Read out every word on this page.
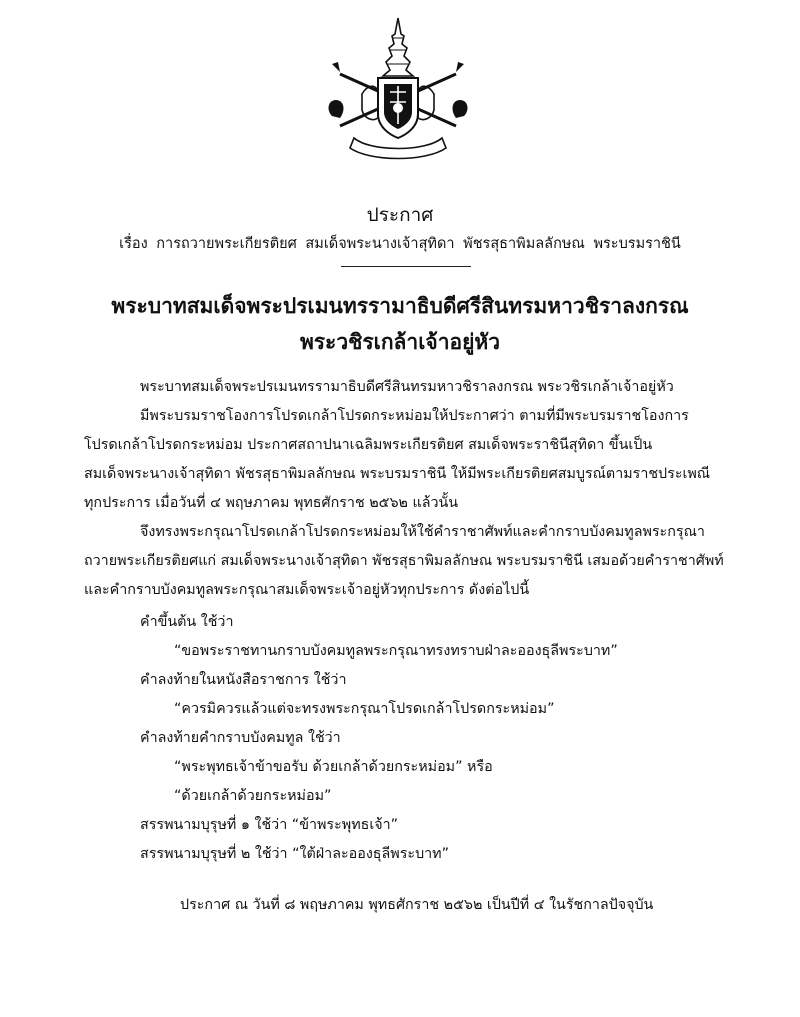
ประกาศ
เรื่อง การถวายพระเกียรติยศ สมเด็จพระนางเจ้าสุทิดา พัชรสุธาพิมลลักษณ พระบรมราชินี
พระบาทสมเด็จพระปรเมนทรรามาธิบดีศรีสินทรมหาวชิราลงกรณ
พระวชิรเกล้าเจ้าอยู่หัว
พระบาทสมเด็จพระปรเมนทรรามาธิบดีศรีสินทรมหาวชิราลงกรณ พระวชิรเกล้าเจ้าอยู่หัว
มีพระบรมราชโองการโปรดเกล้าโปรดกระหม่อมให้ประกาศว่า ตามที่มีพระบรมราชโองการ
โปรดเกล้าโปรดกระหม่อม ประกาศสถาปนาเฉลิมพระเกียรติยศ สมเด็จพระราชินีสุทิดา ขึ้นเป็น
สมเด็จพระนางเจ้าสุทิดา พัชรสุธาพิมลลักษณ พระบรมราชินี ให้มีพระเกียรติยศสมบูรณ์ตามราชประเพณี
ทุกประการ เมื่อวันที่ ๔ พฤษภาคม พุทธศักราช ๒๕๖๒ แล้วนั้น
จึงทรงพระกรุณาโปรดเกล้าโปรดกระหม่อมให้ใช้คำราชาศัพท์และคำกราบบังคมทูลพระกรุณา
ถวายพระเกียรติยศแก่ สมเด็จพระนางเจ้าสุทิดา พัชรสุธาพิมลลักษณ พระบรมราชินี เสมอด้วยคำราชาศัพท์
และคำกราบบังคมทูลพระกรุณาสมเด็จพระเจ้าอยู่หัวทุกประการ ดังต่อไปนี้
คำขึ้นต้น ใช้ว่า
“ขอพระราชทานกราบบังคมทูลพระกรุณาทรงทราบฝ่าละอองธุลีพระบาท”
คำลงท้ายในหนังสือราชการ ใช้ว่า
“ควรมิควรแล้วแต่จะทรงพระกรุณาโปรดเกล้าโปรดกระหม่อม”
คำลงท้ายคำกราบบังคมทูล ใช้ว่า
“พระพุทธเจ้าข้าขอรับ ด้วยเกล้าด้วยกระหม่อม” หรือ
“ด้วยเกล้าด้วยกระหม่อม”
สรรพนามบุรุษที่ ๑ ใช้ว่า “ข้าพระพุทธเจ้า”
สรรพนามบุรุษที่ ๒ ใช้ว่า “ใต้ฝ่าละอองธุลีพระบาท”
ประกาศ ณ วันที่ ๘ พฤษภาคม พุทธศักราช ๒๕๖๒ เป็นปีที่ ๔ ในรัชกาลปัจจุบัน
